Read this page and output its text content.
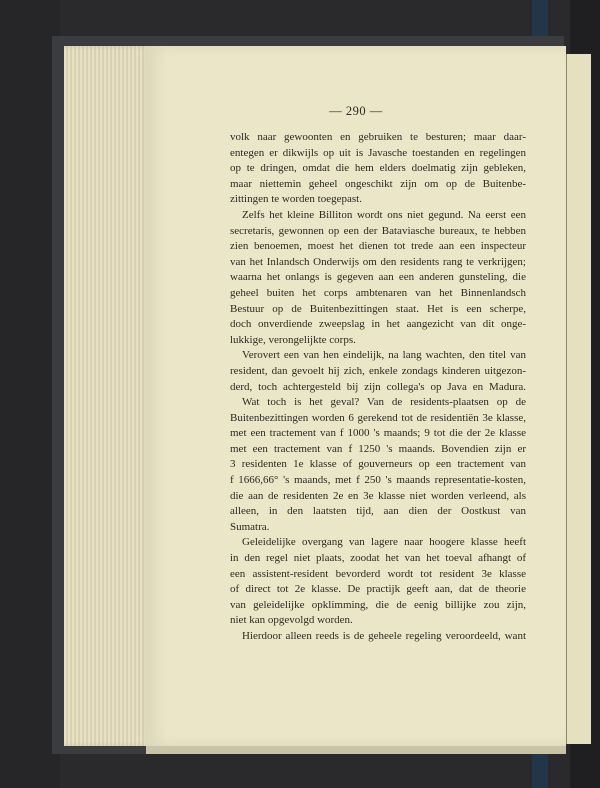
— 290 —
volk naar gewoonten en gebruiken te besturen; maar daar-
entegen er dikwijls op uit is Javasche toestanden en regelingen
op te dringen, omdat die hem elders doelmatig zijn gebleken,
maar niettemin geheel ongeschikt zijn om op de Buitenbe-
zittingen te worden toegepast.
Zelfs het kleine Billiton wordt ons niet gegund. Na eerst een
secretaris, gewonnen op een der Bataviasche bureaux, te hebben
zien benoemen, moest het dienen tot trede aan een inspecteur
van het Inlandsch Onderwijs om den residents rang te verkrijgen;
waarna het onlangs is gegeven aan een anderen gunsteling, die
geheel buiten het corps ambtenaren van het Binnenlandsch
Bestuur op de Buitenbezittingen staat. Het is een scherpe,
doch onverdiende zweepslag in het aangezicht van dit onge-
lukkige, verongelijkte corps.
Verovert een van hen eindelijk, na lang wachten, den titel van
resident, dan gevoelt hij zich, enkele zondags kinderen uitgezon-
derd, toch achtergesteld bij zijn collega's op Java en Madura.
Wat toch is het geval? Van de residents-plaatsen op de
Buitenbezittingen worden 6 gerekend tot de residentiën 3e klasse,
met een tractement van f 1000 's maands; 9 tot die der 2e klasse
met een tractement van f 1250 's maands. Bovendien zijn er
3 residenten 1e klasse of gouverneurs op een tractement van
f 1666,66° 's maands, met f 250 's maands representatie-kosten,
die aan de residenten 2e en 3e klasse niet worden verleend, als
alleen, in den laatsten tijd, aan dien der Oostkust van
Sumatra.
Geleidelijke overgang van lagere naar hoogere klasse heeft
in den regel niet plaats, zoodat het van het toeval afhangt of
een assistent-resident bevorderd wordt tot resident 3e klasse
of direct tot 2e klasse. De practijk geeft aan, dat de theorie
van geleidelijke opklimming, die de eenig billijke zou zijn,
niet kan opgevolgd worden.
Hierdoor alleen reeds is de geheele regeling veroordeeld, want
